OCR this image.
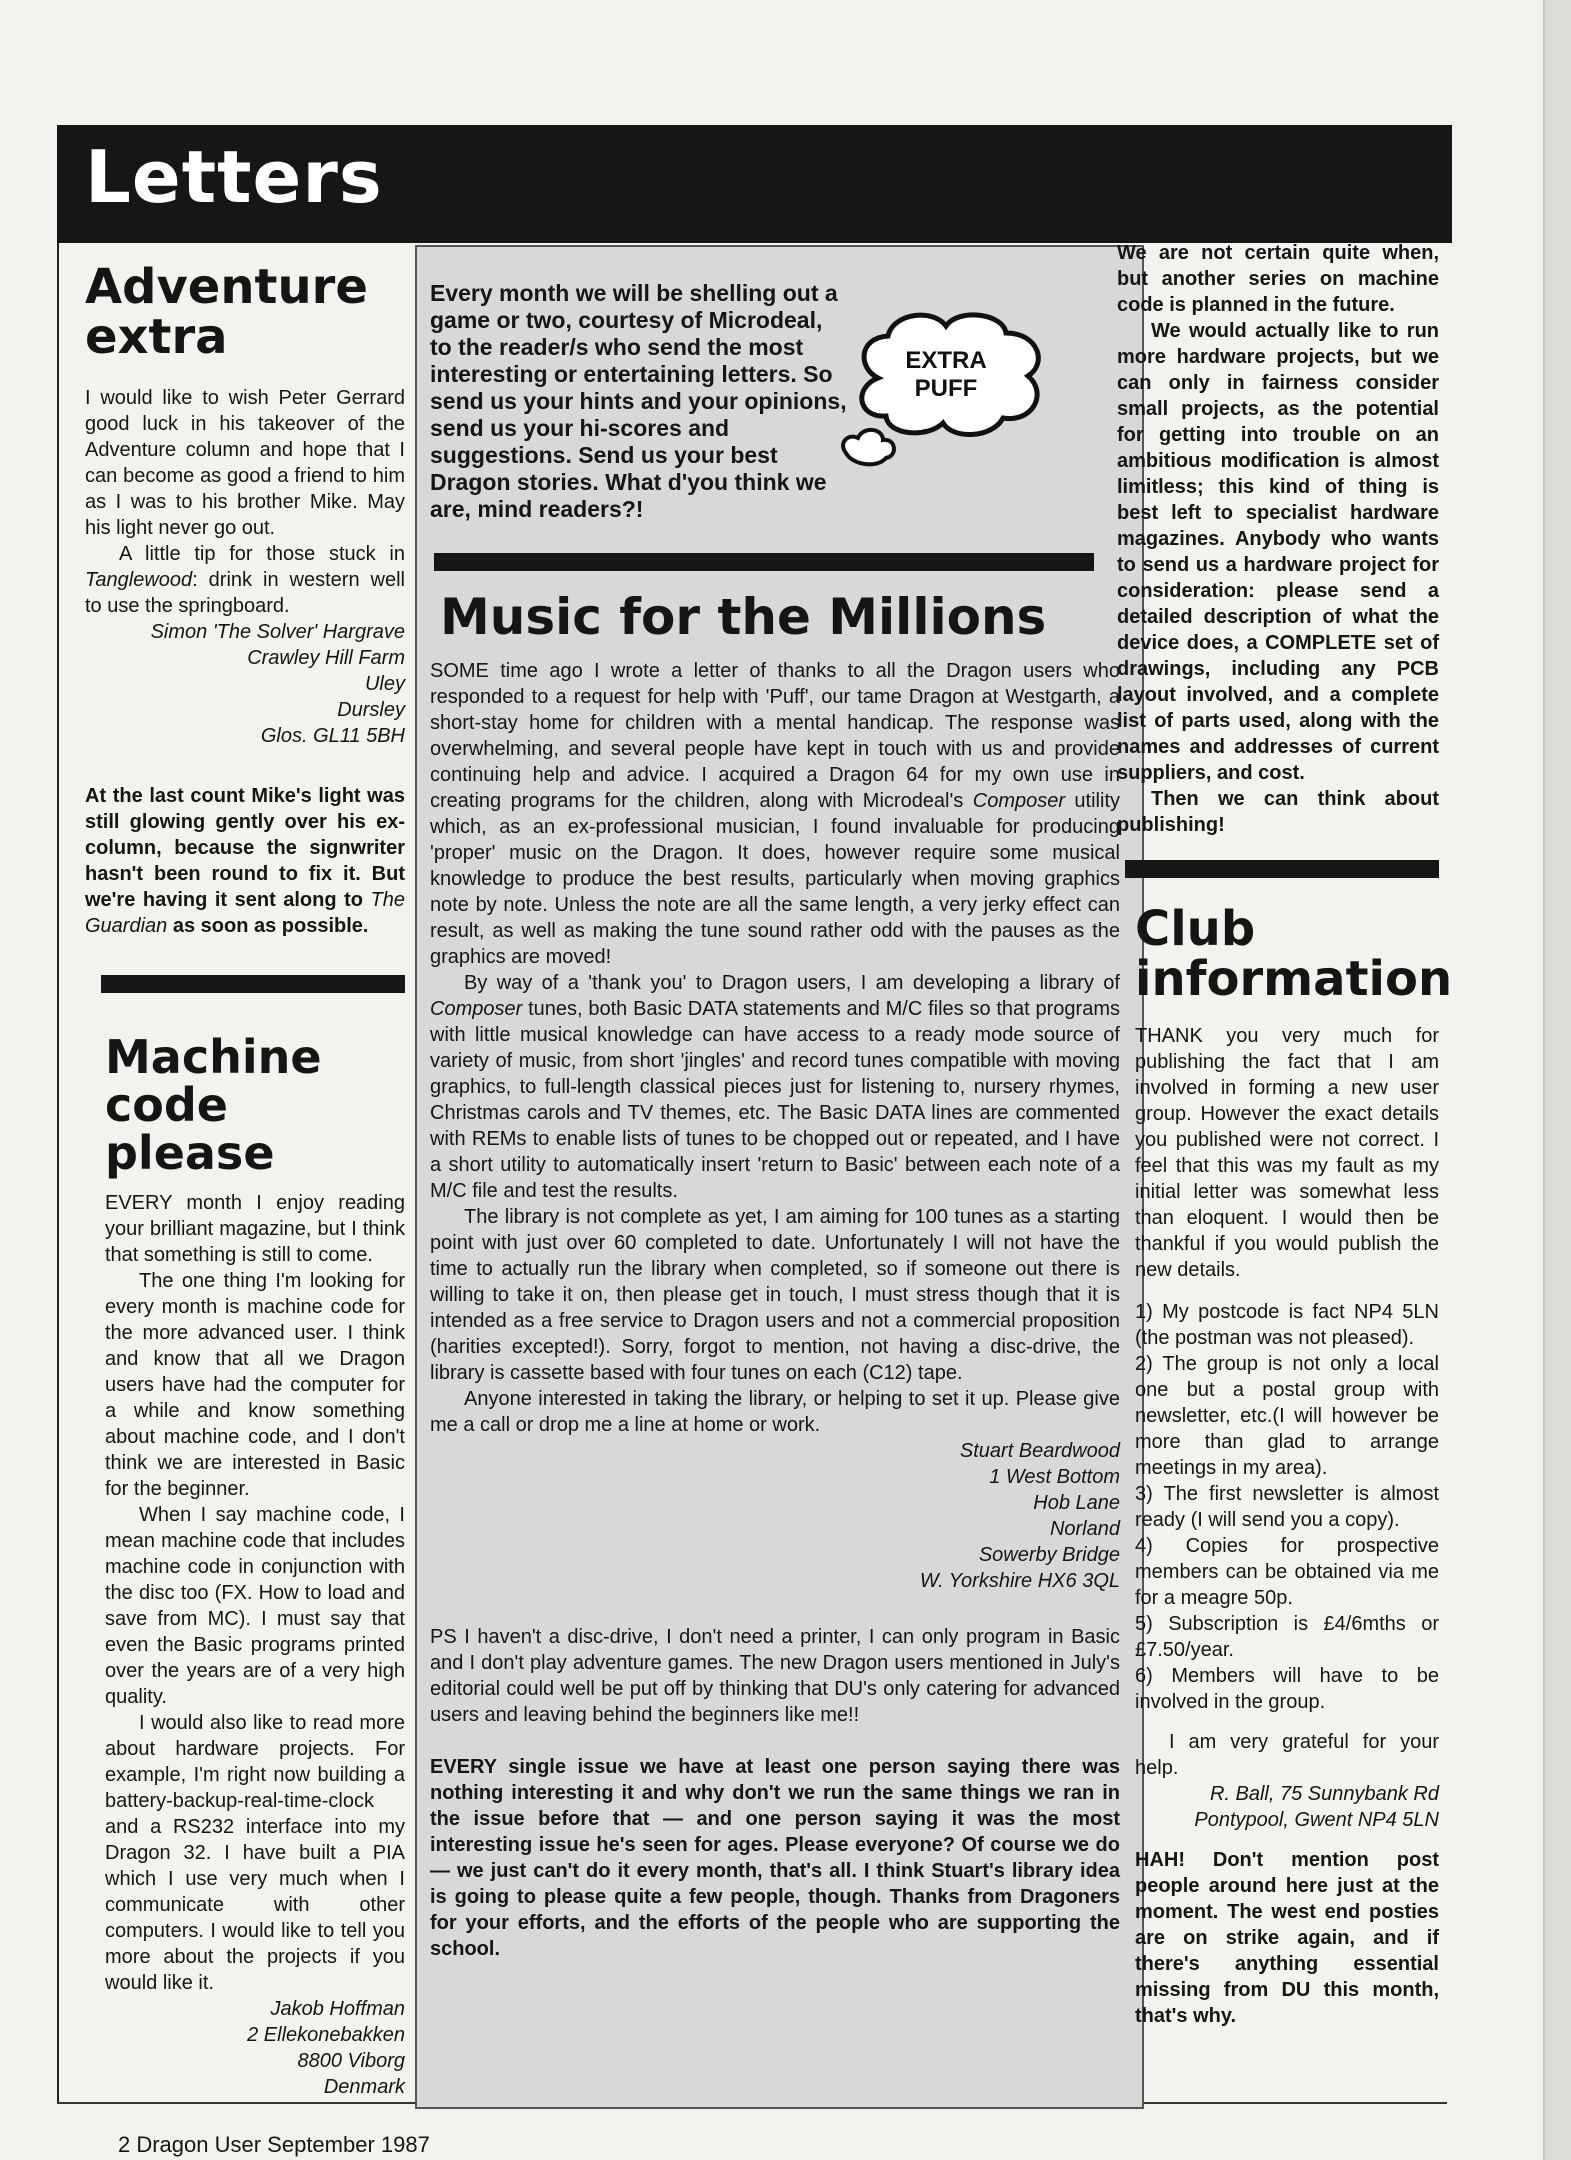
Letters
Adventure extra

I would like to wish Peter Gerrard good luck in his takeover of the Adventure column and hope that I can become as good a friend to him as I was to his brother Mike. May his light never go out.

A little tip for those stuck in Tanglewood: drink in western well to use the springboard.

Simon 'The Solver' Hargrave

Crawley Hill Farm

Uley

Dursley

Glos. GL11 5BH

At the last count Mike's light was still glowing gently over his ex-column, because the signwriter hasn't been round to fix it. But we're having it sent along to The Guardian as soon as possible.

Machine code please

EVERY month I enjoy reading your brilliant magazine, but I think that something is still to come.

The one thing I'm looking for every month is machine code for the more advanced user. I think and know that all we Dragon users have had the computer for a while and know something about machine code, and I don't think we are interested in Basic for the beginner.

When I say machine code, I mean machine code that includes machine code in conjunction with the disc too (FX. How to load and save from MC). I must say that even the Basic programs printed over the years are of a very high quality.

I would also like to read more about hardware projects. For example, I'm right now building a battery-backup-real-time-clock and a RS232 interface into my Dragon 32. I have built a PIA which I use very much when I communicate with other computers. I would like to tell you more about the projects if you would like it.

Jakob Hoffman

2 Ellekonebakken

8800 Viborg

Denmark

Every month we will be shelling out a game or two, courtesy of Microdeal, to the reader/s who send the most interesting or entertaining letters. So send us your hints and your opinions, send us your hi-scores and suggestions. Send us your best Dragon stories. What d'you think we are, mind readers?!

EXTRA
PUFF
Music for the Millions

SOME time ago I wrote a letter of thanks to all the Dragon users who responded to a request for help with 'Puff', our tame Dragon at Westgarth, a short-stay home for children with a mental handicap. The response was overwhelming, and several people have kept in touch with us and provide continuing help and advice. I acquired a Dragon 64 for my own use in creating programs for the children, along with Microdeal's Composer utility which, as an ex-professional musician, I found invaluable for producing 'proper' music on the Dragon. It does, however require some musical knowledge to produce the best results, particularly when moving graphics note by note. Unless the note are all the same length, a very jerky effect can result, as well as making the tune sound rather odd with the pauses as the graphics are moved!

By way of a 'thank you' to Dragon users, I am developing a library of Composer tunes, both Basic DATA statements and M/C files so that programs with little musical knowledge can have access to a ready mode source of variety of music, from short 'jingles' and record tunes compatible with moving graphics, to full-length classical pieces just for listening to, nursery rhymes, Christmas carols and TV themes, etc. The Basic DATA lines are commented with REMs to enable lists of tunes to be chopped out or repeated, and I have a short utility to automatically insert 'return to Basic' between each note of a M/C file and test the results.

The library is not complete as yet, I am aiming for 100 tunes as a starting point with just over 60 completed to date. Unfortunately I will not have the time to actually run the library when completed, so if someone out there is willing to take it on, then please get in touch, I must stress though that it is intended as a free service to Dragon users and not a commercial proposition (harities excepted!). Sorry, forgot to mention, not having a disc-drive, the library is cassette based with four tunes on each (C12) tape.

Anyone interested in taking the library, or helping to set it up. Please give me a call or drop me a line at home or work.

Stuart Beardwood

1 West Bottom

Hob Lane

Norland

Sowerby Bridge

W. Yorkshire HX6 3QL

PS I haven't a disc-drive, I don't need a printer, I can only program in Basic and I don't play adventure games. The new Dragon users mentioned in July's editorial could well be put off by thinking that DU's only catering for advanced users and leaving behind the beginners like me!!

EVERY single issue we have at least one person saying there was nothing interesting it and why don't we run the same things we ran in the issue before that — and one person saying it was the most interesting issue he's seen for ages. Please everyone? Of course we do — we just can't do it every month, that's all. I think Stuart's library idea is going to please quite a few people, though. Thanks from Dragoners for your efforts, and the efforts of the people who are supporting the school.

We are not certain quite when, but another series on machine code is planned in the future.

We would actually like to run more hardware projects, but we can only in fairness consider small projects, as the potential for getting into trouble on an ambitious modification is almost limitless; this kind of thing is best left to specialist hardware magazines. Anybody who wants to send us a hardware project for consideration: please send a detailed description of what the device does, a COMPLETE set of drawings, including any PCB layout involved, and a complete list of parts used, along with the names and addresses of current suppliers, and cost.

Then we can think about publishing!

Club
information

THANK you very much for publishing the fact that I am involved in forming a new user group. However the exact details you published were not correct. I feel that this was my fault as my initial letter was somewhat less than eloquent. I would then be thankful if you would publish the new details.

1) My postcode is fact NP4 5LN (the postman was not pleased).

2) The group is not only a local one but a postal group with newsletter, etc.(I will however be more than glad to arrange meetings in my area).

3) The first newsletter is almost ready (I will send you a copy).

4) Copies for prospective members can be obtained via me for a meagre 50p.

5) Subscription is £4/6mths or £7.50/year.

6) Members will have to be involved in the group.

I am very grateful for your help.

R. Ball, 75 Sunnybank Rd

Pontypool, Gwent NP4 5LN

HAH! Don't mention post people around here just at the moment. The west end posties are on strike again, and if there's anything essential missing from DU this month, that's why.

2 Dragon User September 1987
